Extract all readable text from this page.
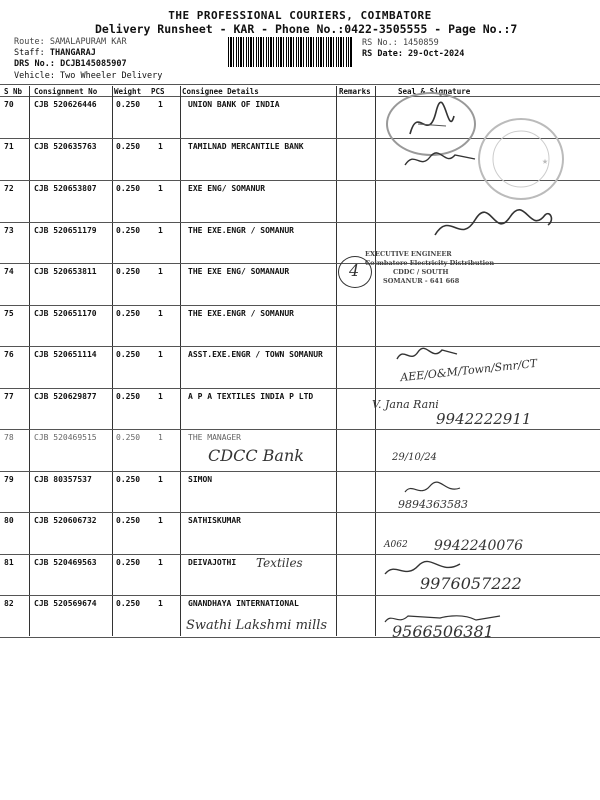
THE PROFESSIONAL COURIERS, COIMBATORE
Delivery Runsheet - KAR - Phone No.:0422-3505555 - Page No.:7
Route: SAMALAPURAM KAR
Staff: THANGARAJ
DRS No.: DCJB145085907
Vehicle: Two Wheeler Delivery
RS No.: 1450859
RS Date: 29-Oct-2024
S Nb Consignment No Weight PCS Consignee Details	Remarks	Seal & Signature
70	CJB 520626446 0.250 1	UNION BANK OF INDIA
71	CJB 520635763 0.250 1	TAMILNAD MERCANTILE BANK
72	CJB 520653807 0.250 1	EXE ENG/ SOMANUR
73	CJB 520651179 0.250 1	THE EXE.ENGR / SOMANUR
74	CJB 520653811 0.250 1	THE EXE ENG/ SOMANAUR
75	CJB 520651170 0.250 1	THE EXE.ENGR / SOMANUR
76	CJB 520651114 0.250 1	ASST.EXE.ENGR / TOWN SOMANUR
77	CJB 520629877 0.250 1	A P A TEXTILES INDIA P LTD
78	CJB 520469515 0.250 1	THE MANAGER
79	CJB 80357537	0.250 1	SIMON
80	CJB 520606732 0.250 1	SATHISKUMAR
81	CJB 520469563 0.250 1	DEIVAJOTHI
82	CJB 520569674 0.250 1	GNANDHAYA INTERNATIONAL
★
EXECUTIVE ENGINEER
Coimbatore Electricity Distribution
CDDC / SOUTH
SOMANUR - 641 668
4
CDCC Bank
Textiles
Swathi Lakshmi mills
AEE/O&M/Town/Smr/CT
V. Jana Rani
9942222911
29/10/24
9894363583
A062 9942240076
9976057222
9566506381
